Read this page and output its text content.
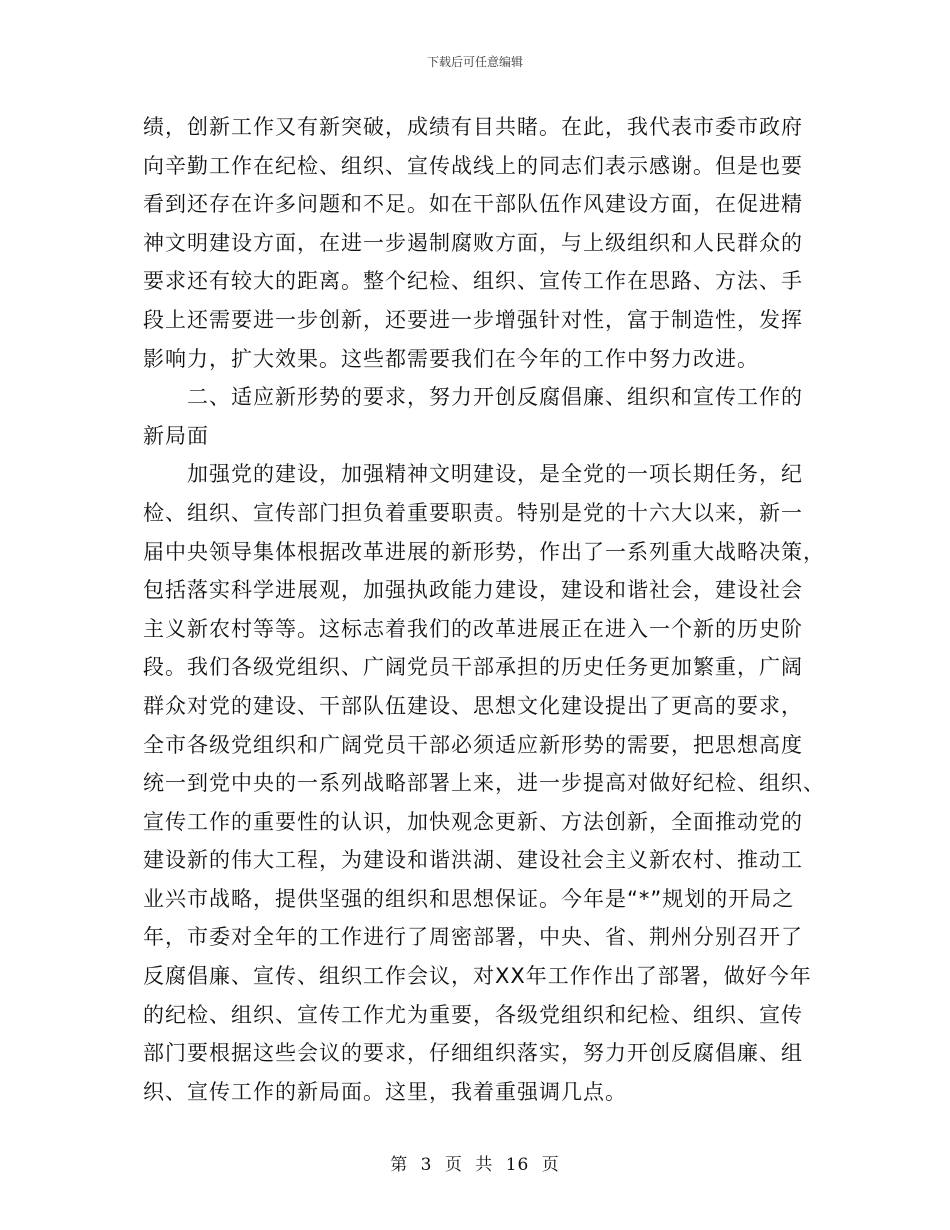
下载后可任意编辑
绩，创新工作又有新突破，成绩有目共睹。在此，我代表市委市政府
向辛勤工作在纪检、组织、宣传战线上的同志们表示感谢。但是也要
看到还存在许多问题和不足。如在干部队伍作风建设方面，在促进精
神文明建设方面，在进一步遏制腐败方面，与上级组织和人民群众的
要求还有较大的距离。整个纪检、组织、宣传工作在思路、方法、手
段上还需要进一步创新，还要进一步增强针对性，富于制造性，发挥
影响力，扩大效果。这些都需要我们在今年的工作中努力改进。
　　二、适应新形势的要求，努力开创反腐倡廉、组织和宣传工作的
新局面
　　加强党的建设，加强精神文明建设，是全党的一项长期任务，纪
检、组织、宣传部门担负着重要职责。特别是党的十六大以来，新一
届中央领导集体根据改革进展的新形势，作出了一系列重大战略决策，
包括落实科学进展观，加强执政能力建设，建设和谐社会，建设社会
主义新农村等等。这标志着我们的改革进展正在进入一个新的历史阶
段。我们各级党组织、广阔党员干部承担的历史任务更加繁重，广阔
群众对党的建设、干部队伍建设、思想文化建设提出了更高的要求，
全市各级党组织和广阔党员干部必须适应新形势的需要，把思想高度
统一到党中央的一系列战略部署上来，进一步提高对做好纪检、组织、
宣传工作的重要性的认识，加快观念更新、方法创新，全面推动党的
建设新的伟大工程，为建设和谐洪湖、建设社会主义新农村、推动工
业兴市战略，提供坚强的组织和思想保证。今年是“*”规划的开局之
年，市委对全年的工作进行了周密部署，中央、省、荆州分别召开了
反腐倡廉、宣传、组织工作会议，对XX年工作作出了部署，做好今年
的纪检、组织、宣传工作尤为重要，各级党组织和纪检、组织、宣传
部门要根据这些会议的要求，仔细组织落实，努力开创反腐倡廉、组
织、宣传工作的新局面。这里，我着重强调几点。
第 3 页 共 16 页
